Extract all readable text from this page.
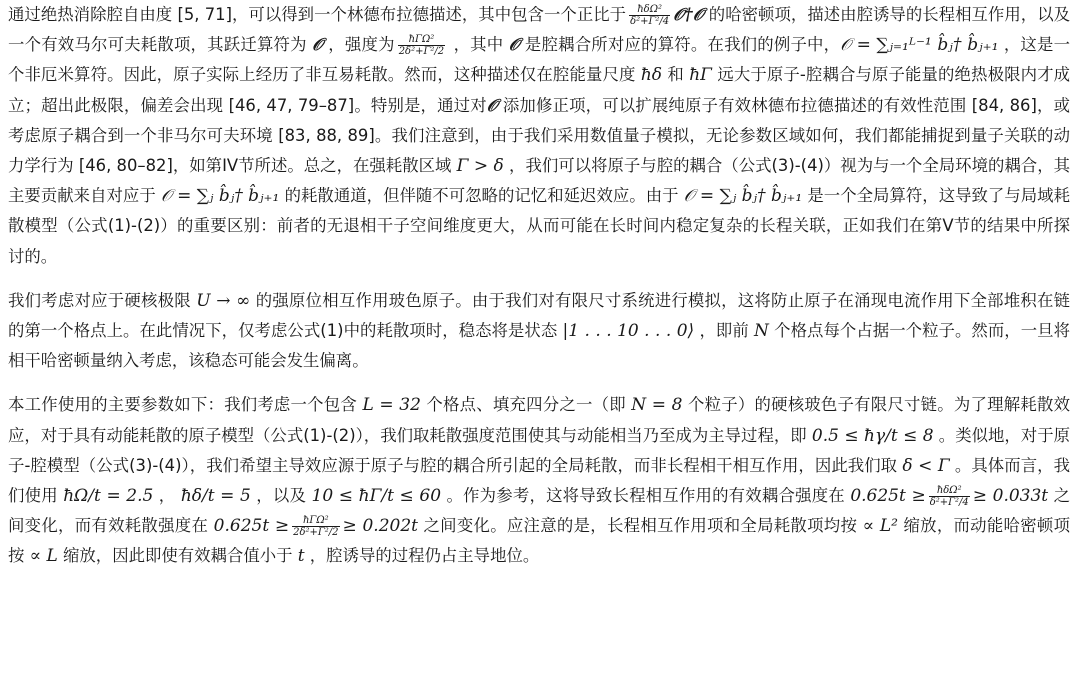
通过绝热消除腔自由度 [5, 71]，可以得到一个林德布拉德描述，其中包含一个正比于 $\frac{\text{ħδΩ²}}{\text{δ²+Γ²/4}}$ 𝒪†𝒪 的哈密顿项，描述由腔诱导的长程相互作用，以及一个有效马尔可夫耗散项，其跃迁算符为 𝒪 ，强度为 $\frac{\text{ħΓΩ²}}{\text{2δ²+Γ²/2}}$ ，其中 𝒪 是腔耦合所对应的算符。在我们的例子中，𝒪 = ∑ⱼ₌₁ᴸ⁻¹ b̂ⱼ† b̂ⱼ₊₁ ，这是一个非厄米算符。因此，原子实际上经历了非互易耗散。然而，这种描述仅在腔能量尺度 ħδ 和 ħΓ 远大于原子-腔耦合与原子能量的绝热极限内才成立；超出此极限，偏差会出现 [46, 47, 79–87]。特别是，通过对𝒪 添加修正项，可以扩展纯原子有效林德布拉德描述的有效性范围 [84, 86]，或考虑原子耦合到一个非马尔可夫环境 [83, 88, 89]。我们注意到，由于我们采用数值量子模拟，无论参数区域如何，我们都能捕捉到量子关联的动力学行为 [46, 80–82]，如第IV节所述。总之，在强耗散区域 Γ > δ ，我们可以将原子与腔的耦合（公式(3)-(4)）视为与一个全局环境的耦合，其主要贡献来自对应于 𝒪 = ∑ⱼ b̂ⱼ† b̂ⱼ₊₁ 的耗散通道，但伴随不可忽略的记忆和延迟效应。由于 𝒪 = ∑ⱼ b̂ⱼ† b̂ⱼ₊₁ 是一个全局算符，这导致了与局域耗散模型（公式(1)-(2)）的重要区别：前者的无退相干子空间维度更大，从而可能在长时间内稳定复杂的长程关联，正如我们在第V节的结果中所探讨的。

我们考虑对应于硬核极限 U → ∞ 的强原位相互作用玻色原子。由于我们对有限尺寸系统进行模拟，这将防止原子在涌现电流作用下全部堆积在链的第一个格点上。在此情况下，仅考虑公式(1)中的耗散项时，稳态将是状态 |1 . . . 10 . . . 0⟩ ，即前 N 个格点每个占据一个粒子。然而，一旦将相干哈密顿量纳入考虑，该稳态可能会发生偏离。

本工作使用的主要参数如下：我们考虑一个包含 L = 32 个格点、填充四分之一（即 N = 8 个粒子）的硬核玻色子有限尺寸链。为了理解耗散效应，对于具有动能耗散的原子模型（公式(1)-(2)），我们取耗散强度范围使其与动能相当乃至成为主导过程，即 0.5 ≤ ħγ/t ≤ 8 。类似地，对于原子-腔模型（公式(3)-(4)），我们希望主导效应源于原子与腔的耦合所引起的全局耗散，而非长程相干相互作用，因此我们取 δ < Γ 。具体而言，我们使用 ħΩ/t = 2.5 ， ħδ/t = 5 ，以及 10 ≤ ħΓ/t ≤ 60 。作为参考，这将导致长程相互作用的有效耦合强度在 $0.625t \ge \frac{\text{ħδΩ²}}{\text{δ²+Γ²/4}} \ge 0.033t$ 之间变化，而有效耗散强度在 $0.625t \ge \frac{\text{ħΓΩ²}}{\text{2δ²+Γ²/2}} \ge 0.202t$ 之间变化。应注意的是，长程相互作用项和全局耗散项均按 ∝ L² 缩放，而动能哈密顿项按 ∝ L 缩放，因此即使有效耦合值小于 t ，腔诱导的过程仍占主导地位。
